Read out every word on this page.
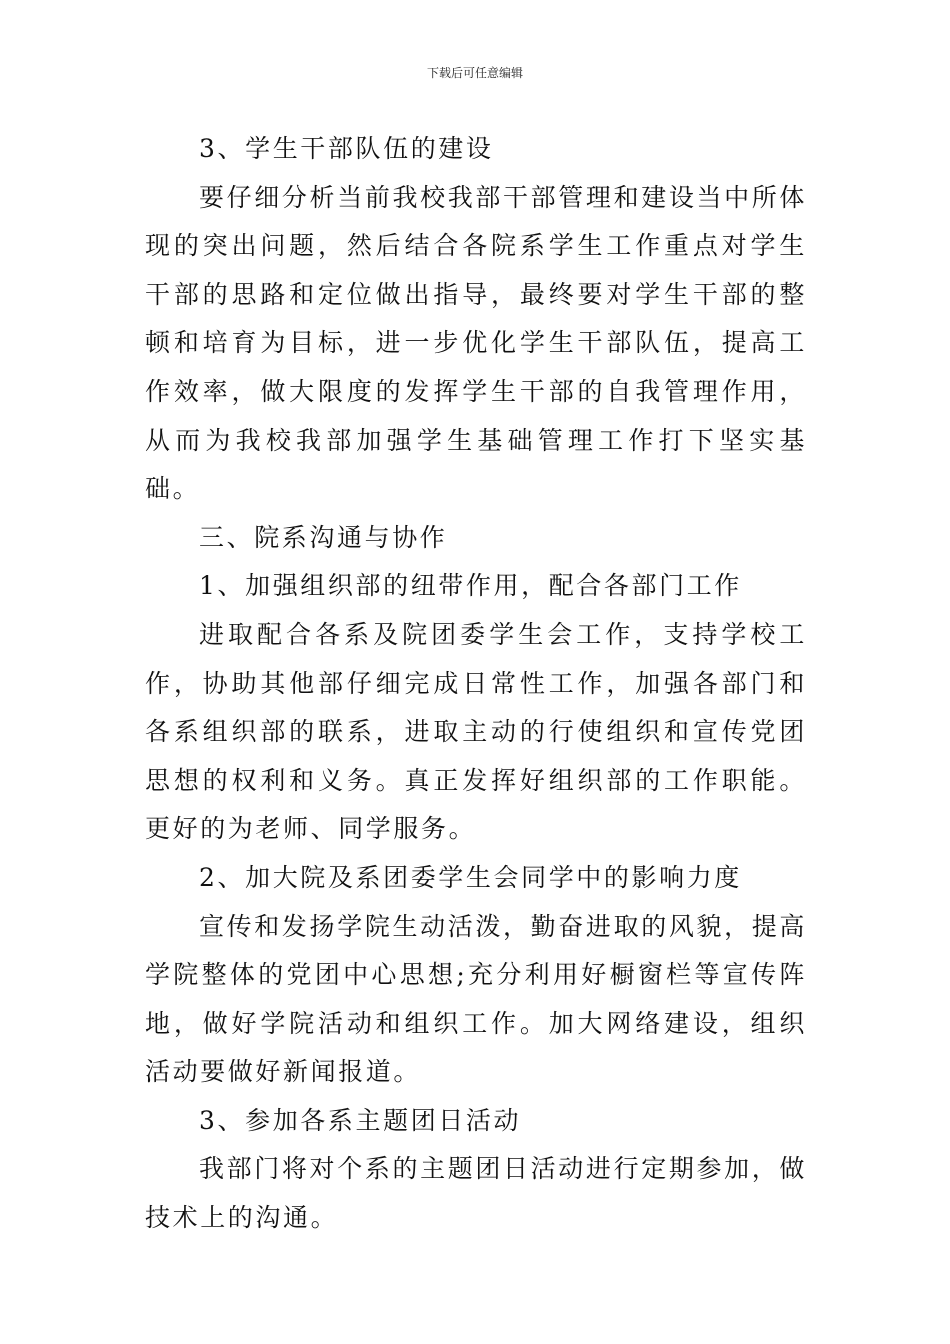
下载后可任意编辑

3、学生干部队伍的建设

要仔细分析当前我校我部干部管理和建设当中所体现的突出问题，然后结合各院系学生工作重点对学生干部的思路和定位做出指导，最终要对学生干部的整顿和培育为目标，进一步优化学生干部队伍，提高工作效率，做大限度的发挥学生干部的自我管理作用，从而为我校我部加强学生基础管理工作打下坚实基础。

三、院系沟通与协作

1、加强组织部的纽带作用，配合各部门工作

进取配合各系及院团委学生会工作，支持学校工作，协助其他部仔细完成日常性工作，加强各部门和各系组织部的联系，进取主动的行使组织和宣传党团思想的权利和义务。真正发挥好组织部的工作职能。更好的为老师、同学服务。

2、加大院及系团委学生会同学中的影响力度

宣传和发扬学院生动活泼，勤奋进取的风貌，提高学院整体的党团中心思想;充分利用好橱窗栏等宣传阵地，做好学院活动和组织工作。加大网络建设，组织活动要做好新闻报道。

3、参加各系主题团日活动

我部门将对个系的主题团日活动进行定期参加，做技术上的沟通。
